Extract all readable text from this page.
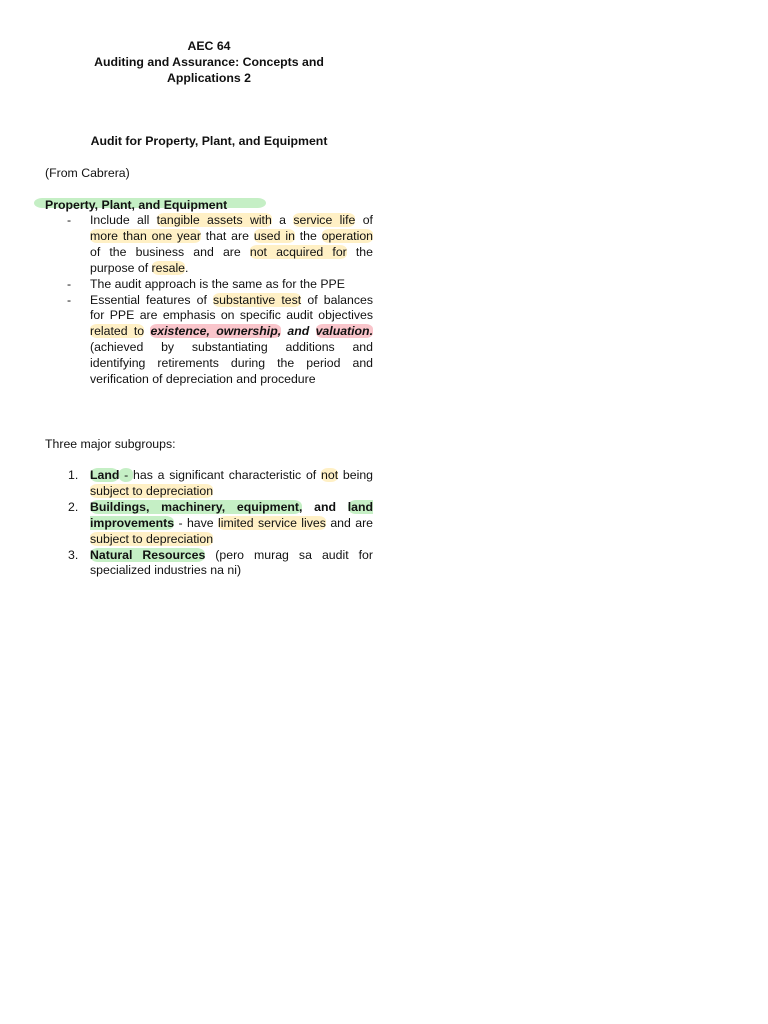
AEC 64
Auditing and Assurance: Concepts and
Applications 2
Audit for Property, Plant, and Equipment
(From Cabrera)
Property, Plant, and Equipment
- Include all tangible assets with a service life of more than one year that are used in the operation of the business and are not acquired for the purpose of resale.
- The audit approach is the same as for the PPE
- Essential features of substantive test of balances for PPE are emphasis on specific audit objectives related to existence, ownership, and valuation. (achieved by substantiating additions and identifying retirements during the period and verification of depreciation and procedure
Three major subgroups:
1. Land - has a significant characteristic of not being subject to depreciation
2. Buildings, machinery, equipment, and land improvements - have limited service lives and are subject to depreciation
3. Natural Resources (pero murag sa audit for specialized industries na ni)
